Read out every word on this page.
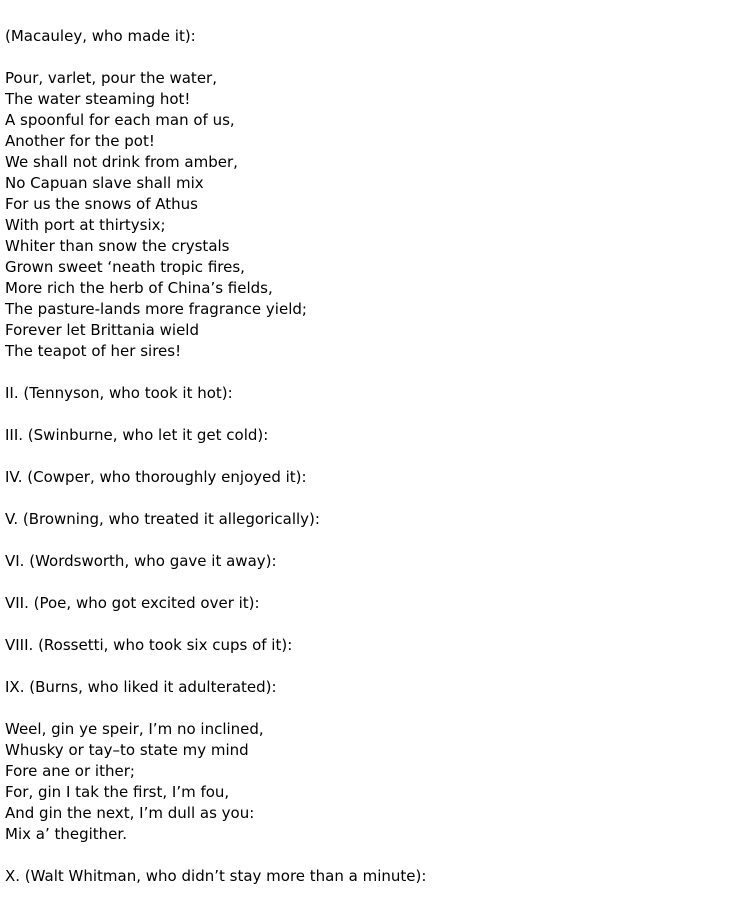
(Macauley, who made it):
Pour, varlet, pour the water,
The water steaming hot!
A spoonful for each man of us,
Another for the pot!
We shall not drink from amber,
No Capuan slave shall mix
For us the snows of Athus
With port at thirtysix;
Whiter than snow the crystals
Grown sweet ‘neath tropic fires,
More rich the herb of China’s fields,
The pasture-lands more fragrance yield;
Forever let Brittania wield
The teapot of her sires!
II. (Tennyson, who took it hot):
III. (Swinburne, who let it get cold):
IV. (Cowper, who thoroughly enjoyed it):
V. (Browning, who treated it allegorically):
VI. (Wordsworth, who gave it away):
VII. (Poe, who got excited over it):
VIII. (Rossetti, who took six cups of it):
IX. (Burns, who liked it adulterated):
Weel, gin ye speir, I’m no inclined,
Whusky or tay–to state my mind
Fore ane or ither;
For, gin I tak the first, I’m fou,
And gin the next, I’m dull as you:
Mix a’ thegither.
X. (Walt Whitman, who didn’t stay more than a minute):
